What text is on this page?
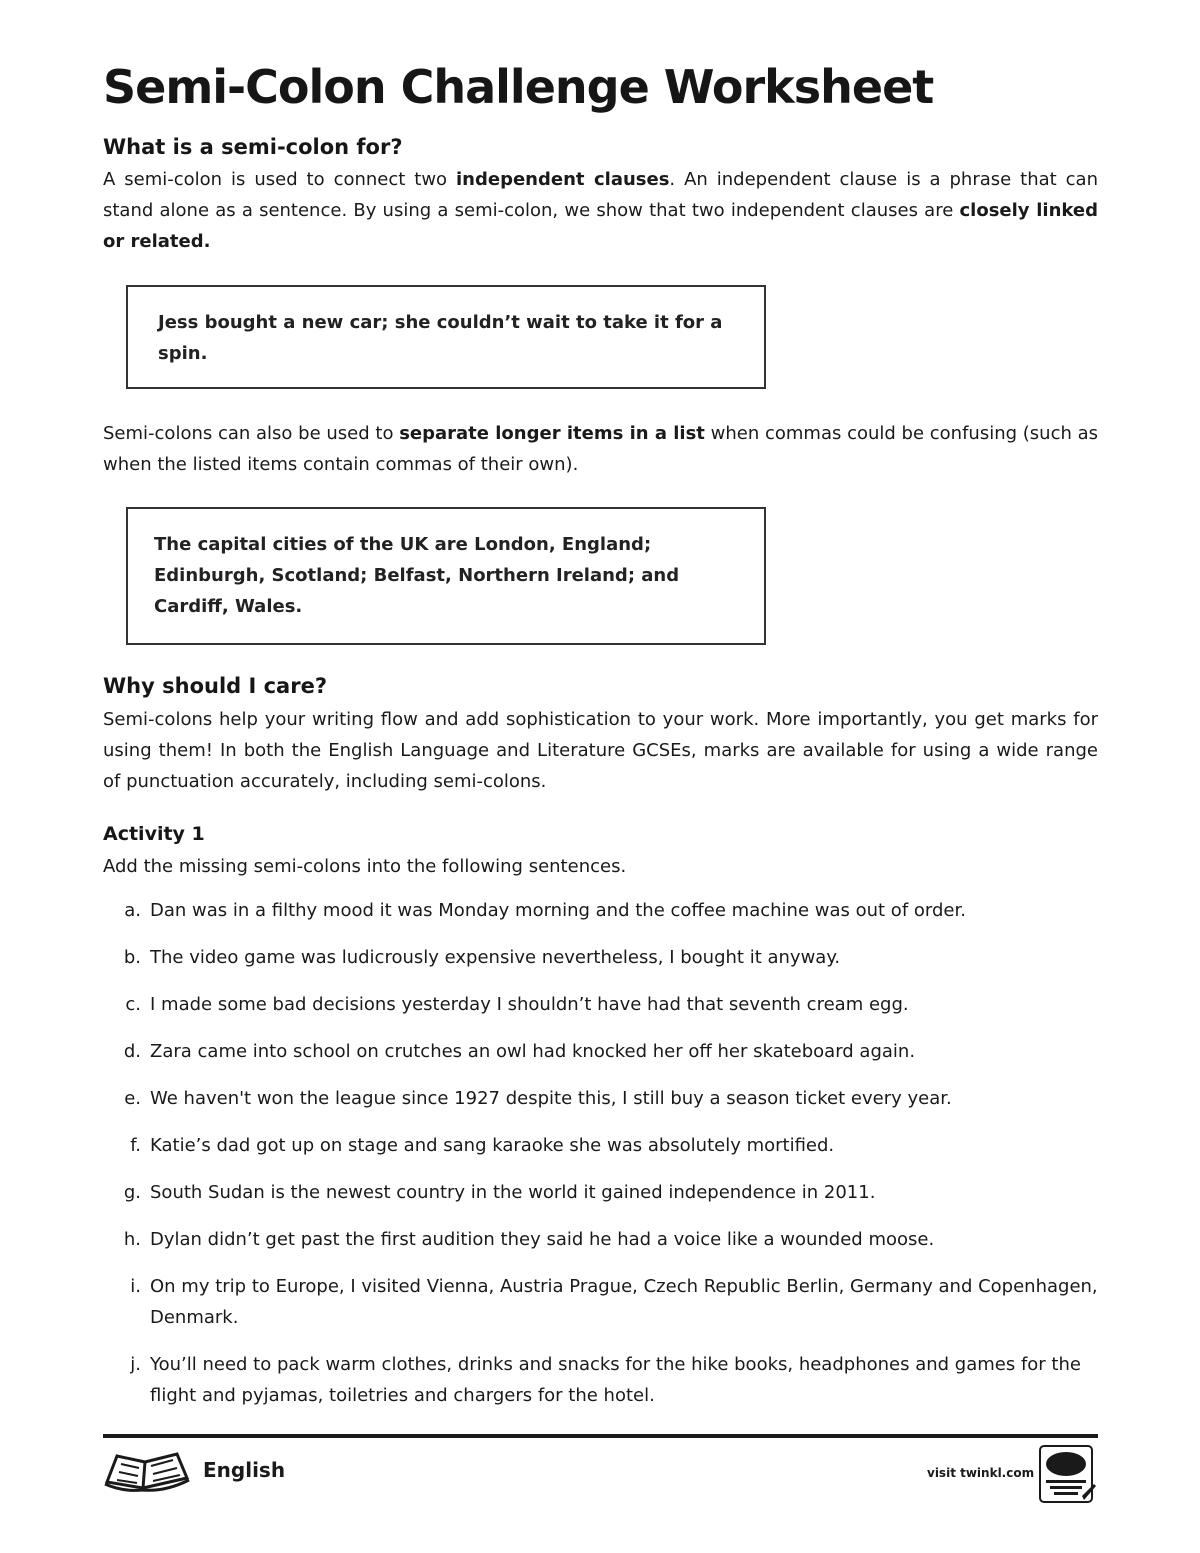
Semi-Colon Challenge Worksheet
What is a semi-colon for?

A semi-colon is used to connect two independent clauses. An independent clause is a phrase that can stand alone as a sentence. By using a semi-colon, we show that two independent clauses are closely linked or related.

Jess bought a new car; she couldn’t wait to take it for a spin.

Semi-colons can also be used to separate longer items in a list when commas could be confusing (such as when the listed items contain commas of their own).

The capital cities of the UK are London, England; Edinburgh, Scotland; Belfast, Northern Ireland; and Cardiff, Wales.
Why should I care?

Semi-colons help your writing flow and add sophistication to your work. More importantly, you get marks for using them! In both the English Language and Literature GCSEs, marks are available for using a wide range of punctuation accurately, including semi-colons.

Activity 1

Add the missing semi-colons into the following sentences.

a. Dan was in a filthy mood it was Monday morning and the coffee machine was out of order.
b. The video game was ludicrously expensive nevertheless, I bought it anyway.
c. I made some bad decisions yesterday I shouldn’t have had that seventh cream egg.
d. Zara came into school on crutches an owl had knocked her off her skateboard again.
e. We haven't won the league since 1927 despite this, I still buy a season ticket every year.
f. Katie’s dad got up on stage and sang karaoke she was absolutely mortified.
g. South Sudan is the newest country in the world it gained independence in 2011.
h. Dylan didn’t get past the first audition they said he had a voice like a wounded moose.
i. On my trip to Europe, I visited Vienna, Austria Prague, Czech Republic Berlin, Germany and Copenhagen, Denmark.
j. You’ll need to pack warm clothes, drinks and snacks for the hike books, headphones and games for the flight and pyjamas, toiletries and chargers for the hotel.
English	visit twinkl.com
